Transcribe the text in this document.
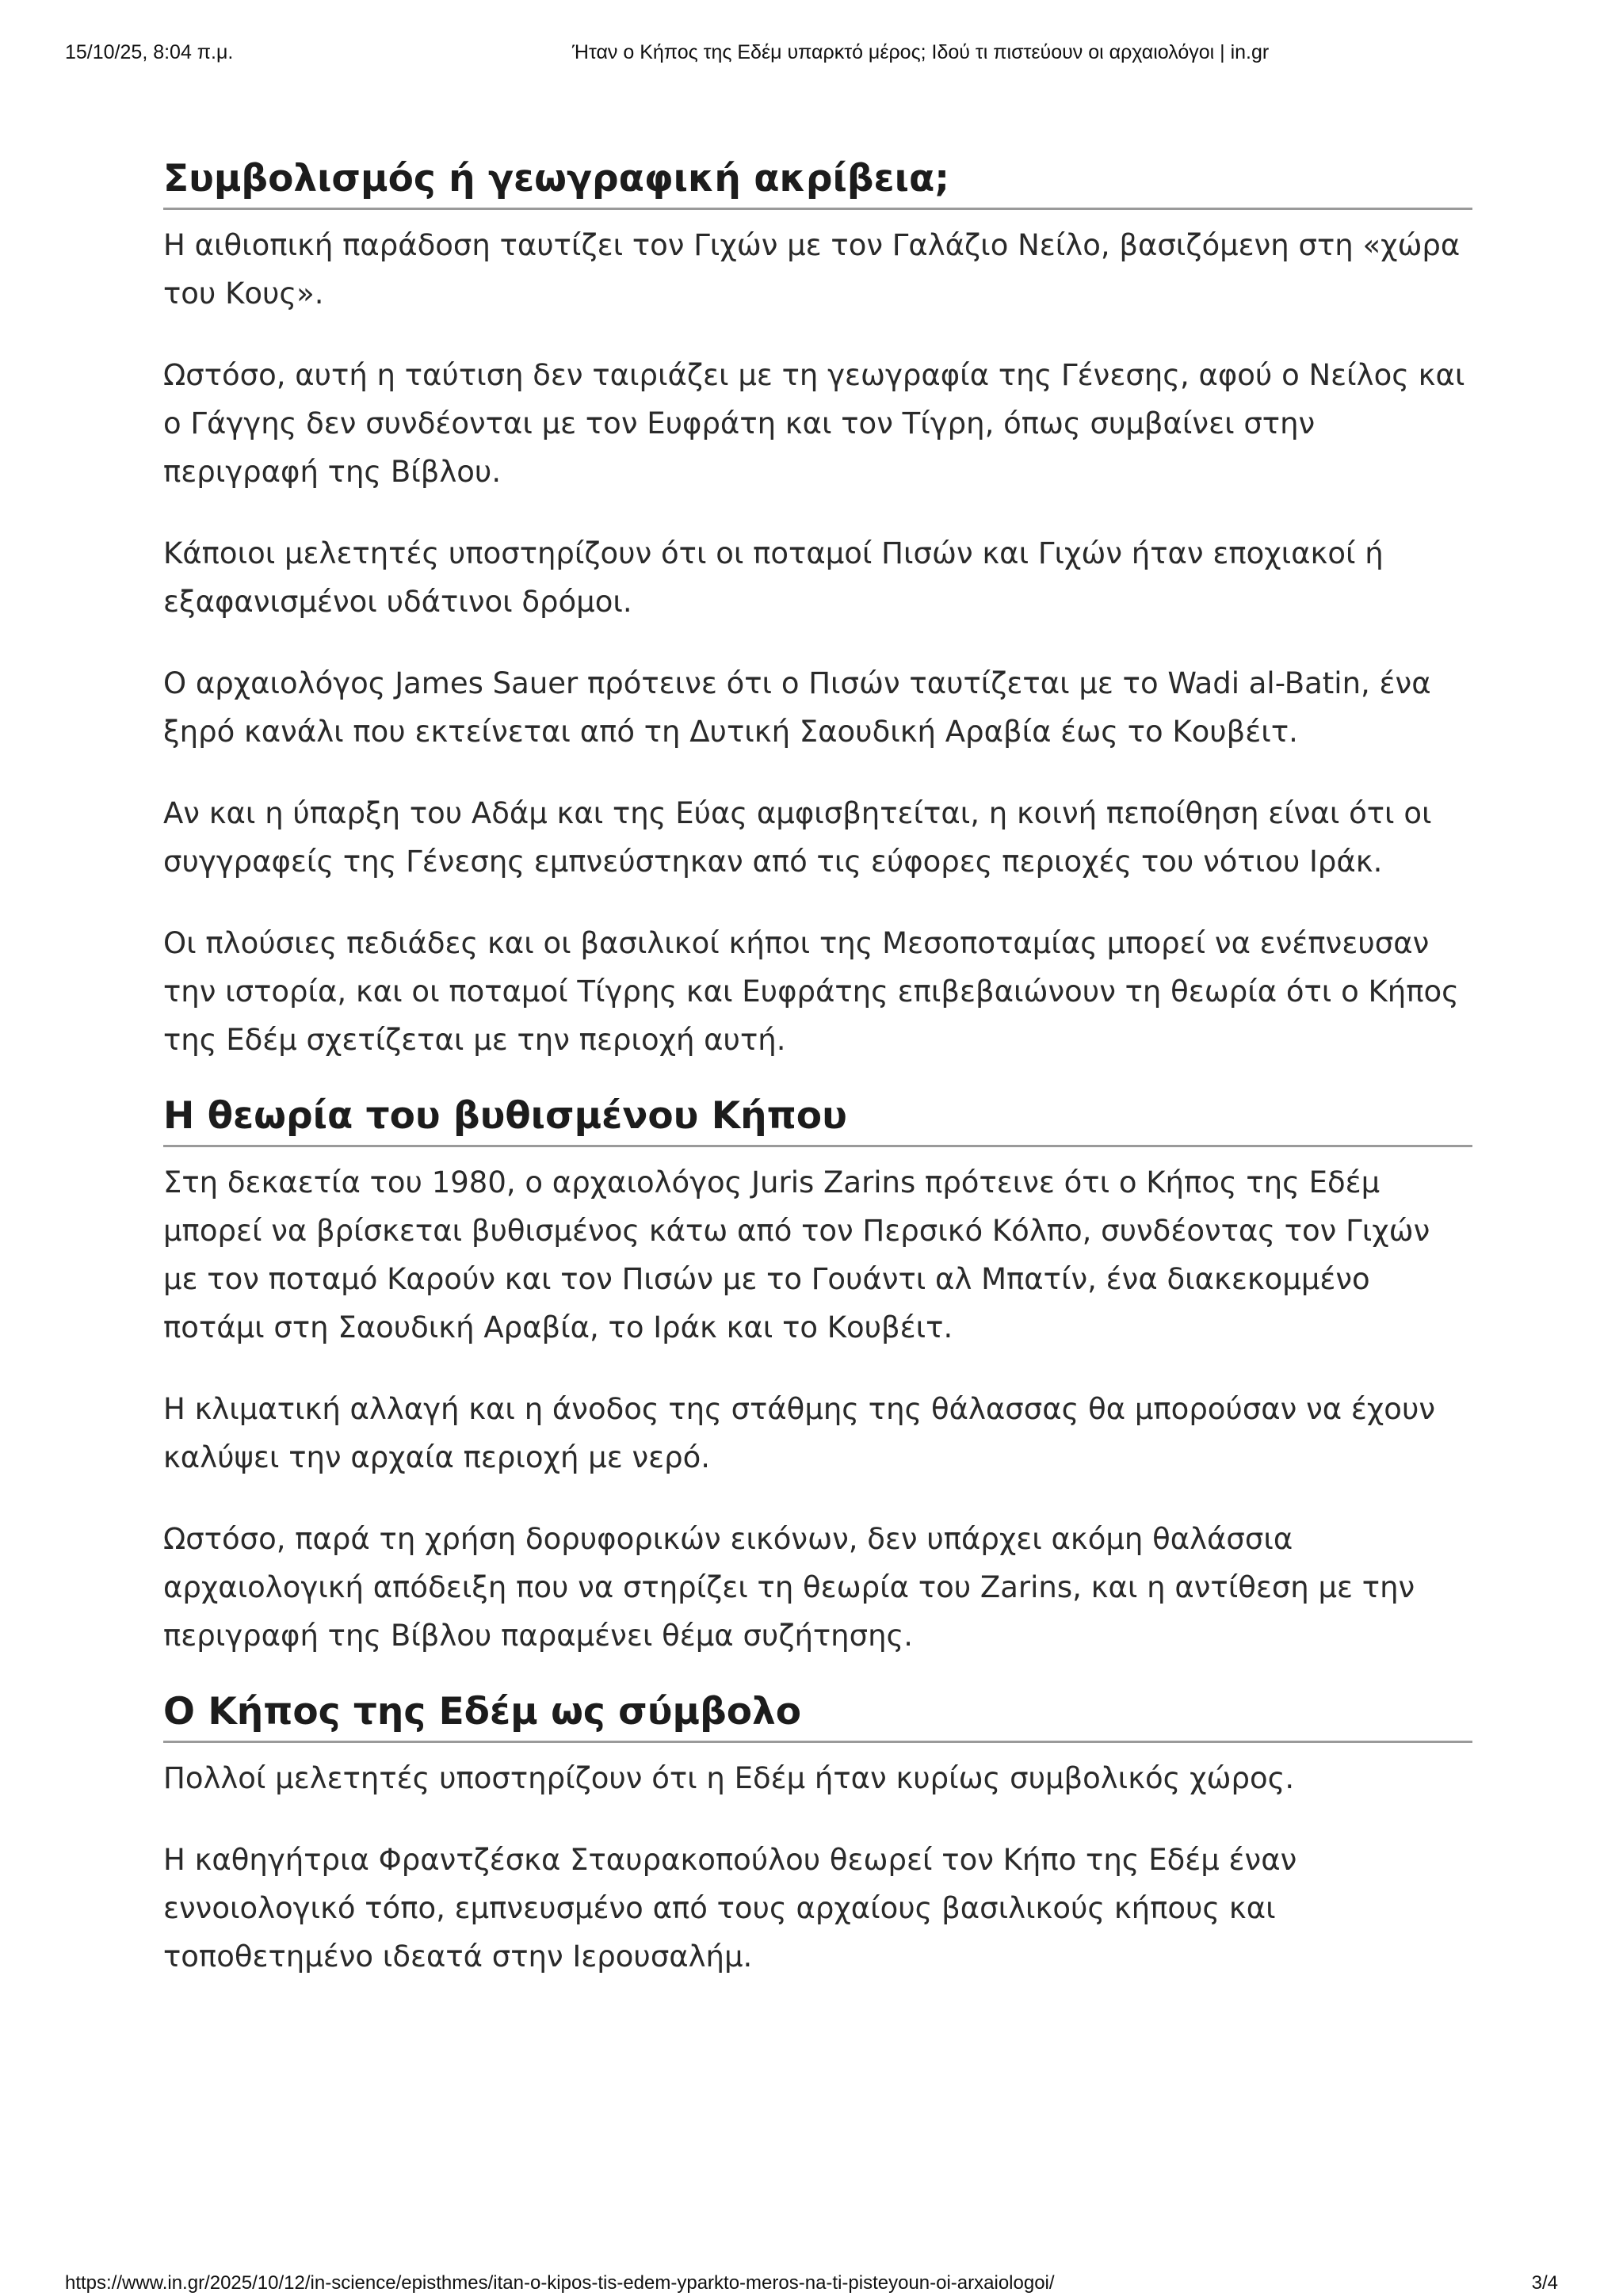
15/10/25, 8:04 π.μ.	Ήταν ο Κήπος της Εδέμ υπαρκτό μέρος; Ιδού τι πιστεύουν οι αρχαιολόγοι | in.gr
Συμβολισμός ή γεωγραφική ακρίβεια;

Η αιθιοπική παράδοση ταυτίζει τον Γιχών με τον Γαλάζιο Νείλο, βασιζόμενη στη «χώρα του Κους».

Ωστόσο, αυτή η ταύτιση δεν ταιριάζει με τη γεωγραφία της Γένεσης, αφού ο Νείλος και ο Γάγγης δεν συνδέονται με τον Ευφράτη και τον Τίγρη, όπως συμβαίνει στην περιγραφή της Βίβλου.

Κάποιοι μελετητές υποστηρίζουν ότι οι ποταμοί Πισών και Γιχών ήταν εποχιακοί ή εξαφανισμένοι υδάτινοι δρόμοι.

Ο αρχαιολόγος James Sauer πρότεινε ότι ο Πισών ταυτίζεται με το Wadi al-Batin, ένα ξηρό κανάλι που εκτείνεται από τη Δυτική Σαουδική Αραβία έως το Κουβέιτ.

Αν και η ύπαρξη του Αδάμ και της Εύας αμφισβητείται, η κοινή πεποίθηση είναι ότι οι συγγραφείς της Γένεσης εμπνεύστηκαν από τις εύφορες περιοχές του νότιου Ιράκ.

Οι πλούσιες πεδιάδες και οι βασιλικοί κήποι της Μεσοποταμίας μπορεί να ενέπνευσαν την ιστορία, και οι ποταμοί Τίγρης και Ευφράτης επιβεβαιώνουν τη θεωρία ότι ο Κήπος της Εδέμ σχετίζεται με την περιοχή αυτή.

Η θεωρία του βυθισμένου Κήπου

Στη δεκαετία του 1980, ο αρχαιολόγος Juris Zarins πρότεινε ότι ο Κήπος της Εδέμ μπορεί να βρίσκεται βυθισμένος κάτω από τον Περσικό Κόλπο, συνδέοντας τον Γιχών με τον ποταμό Καρούν και τον Πισών με το Γουάντι αλ Μπατίν, ένα διακεκομμένο ποτάμι στη Σαουδική Αραβία, το Ιράκ και το Κουβέιτ.

Η κλιματική αλλαγή και η άνοδος της στάθμης της θάλασσας θα μπορούσαν να έχουν καλύψει την αρχαία περιοχή με νερό.

Ωστόσο, παρά τη χρήση δορυφορικών εικόνων, δεν υπάρχει ακόμη θαλάσσια αρχαιολογική απόδειξη που να στηρίζει τη θεωρία του Zarins, και η αντίθεση με την περιγραφή της Βίβλου παραμένει θέμα συζήτησης.

Ο Κήπος της Εδέμ ως σύμβολο

Πολλοί μελετητές υποστηρίζουν ότι η Εδέμ ήταν κυρίως συμβολικός χώρος.

Η καθηγήτρια Φραντζέσκα Σταυρακοπούλου θεωρεί τον Κήπο της Εδέμ έναν εννοιολογικό τόπο, εμπνευσμένο από τους αρχαίους βασιλικούς κήπους και τοποθετημένο ιδεατά στην Ιερουσαλήμ.

https://www.in.gr/2025/10/12/in-science/episthmes/itan-o-kipos-tis-edem-yparkto-meros-na-ti-pisteyoun-oi-arxaiologoi/	3/4
